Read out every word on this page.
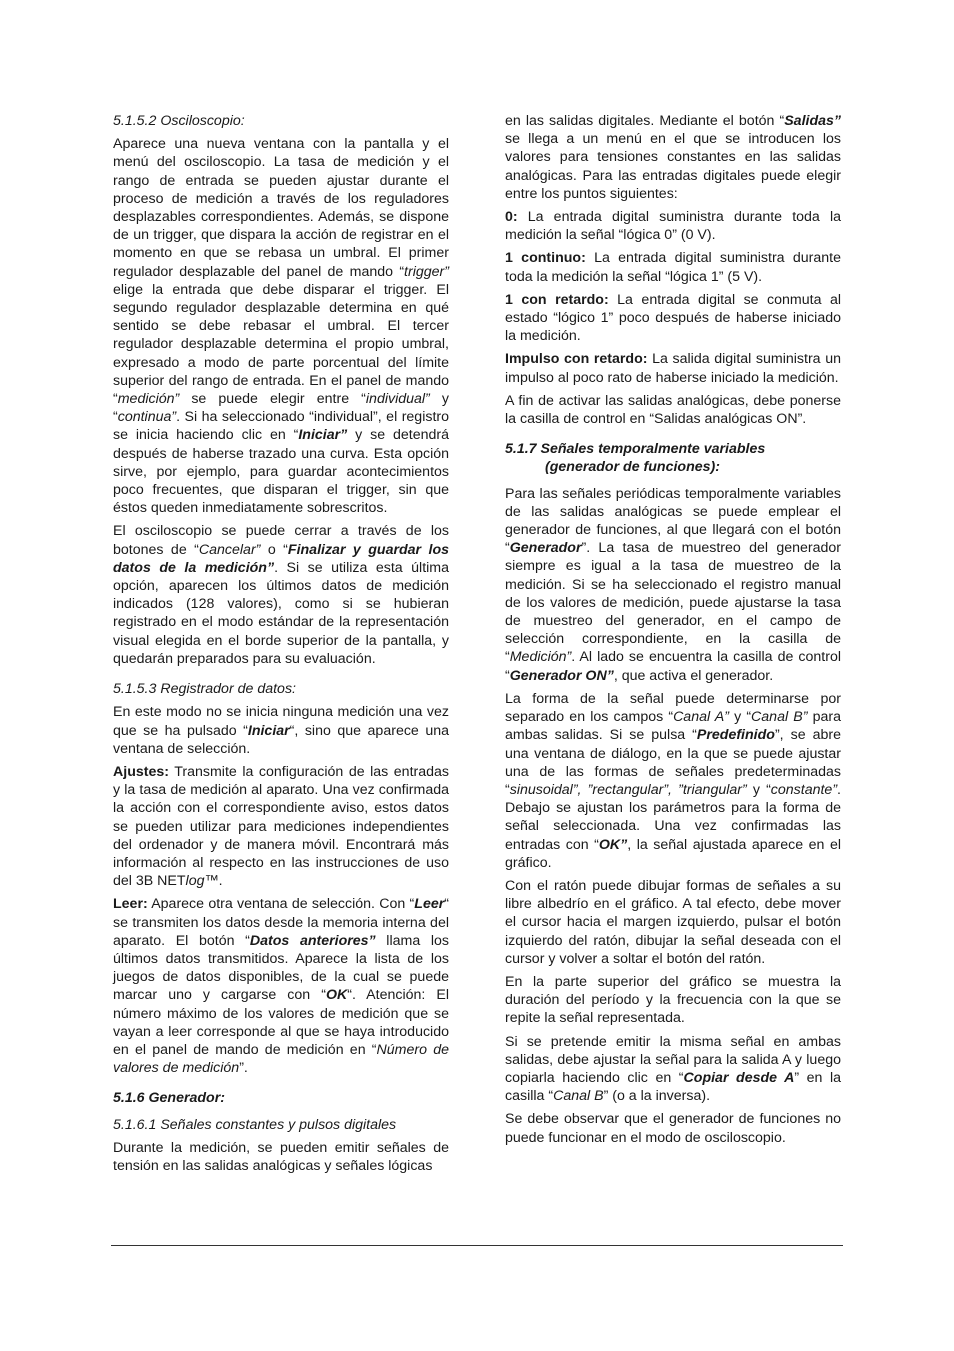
5.1.5.2 Osciloscopio:

Aparece una nueva ventana con la pantalla y el menú del osciloscopio. La tasa de medición y el rango de entrada se pueden ajustar durante el proceso de medición a través de los reguladores desplazables correspondientes. Además, se dispone de un trigger, que dispara la acción de registrar en el momento en que se rebasa un umbral. El primer regulador desplazable del panel de mando “trigger” elige la entrada que debe disparar el trigger. El segundo regulador desplazable determina en qué sentido se debe rebasar el umbral. El tercer regulador desplazable determina el propio umbral, expresado a modo de parte porcentual del límite superior del rango de entrada. En el panel de mando “medición” se puede elegir entre “individual” y “continua”. Si ha seleccionado “individual”, el registro se inicia haciendo clic en “Iniciar” y se detendrá después de haberse trazado una curva. Esta opción sirve, por ejemplo, para guardar acontecimientos poco frecuentes, que disparan el trigger, sin que éstos queden inmediatamente sobrescritos.

El osciloscopio se puede cerrar a través de los botones de “Cancelar” o “Finalizar y guardar los datos de la medición”. Si se utiliza esta última opción, aparecen los últimos datos de medición indicados (128 valores), como si se hubieran registrado en el modo estándar de la representación visual elegida en el borde superior de la pantalla, y quedarán preparados para su evaluación.

5.1.5.3 Registrador de datos:

En este modo no se inicia ninguna medición una vez que se ha pulsado “Iniciar“, sino que aparece una ventana de selección.

Ajustes: Transmite la configuración de las entradas y la tasa de medición al aparato. Una vez confirmada la acción con el correspondiente aviso, estos datos se pueden utilizar para mediciones independientes del ordenador y de manera móvil. Encontrará más información al respecto en las instrucciones de uso del 3B NETlog™.

Leer: Aparece otra ventana de selección. Con “Leer“ se transmiten los datos desde la memoria interna del aparato. El botón “Datos anteriores” llama los últimos datos transmitidos. Aparece la lista de los juegos de datos disponibles, de la cual se puede marcar uno y cargarse con “OK“. Atención: El número máximo de los valores de medición que se vayan a leer corresponde al que se haya introducido en el panel de mando de medición en “Número de valores de medición”.

5.1.6 Generador:

5.1.6.1 Señales constantes y pulsos digitales

Durante la medición, se pueden emitir señales de tensión en las salidas analógicas y señales lógicas

en las salidas digitales. Mediante el botón “Salidas” se llega a un menú en el que se introducen los valores para tensiones constantes en las salidas analógicas. Para las entradas digitales puede elegir entre los puntos siguientes:

0: La entrada digital suministra durante toda la medición la señal “lógica 0” (0 V).

1 continuo: La entrada digital suministra durante toda la medición la señal “lógica 1” (5 V).

1 con retardo: La entrada digital se conmuta al estado “lógico 1” poco después de haberse iniciado la medición.

Impulso con retardo: La salida digital suministra un impulso al poco rato de haberse iniciado la medición.

A fin de activar las salidas analógicas, debe ponerse la casilla de control en “Salidas analógicas ON”.

5.1.7 Señales temporalmente variables (generador de funciones):

Para las señales periódicas temporalmente variables de las salidas analógicas se puede emplear el generador de funciones, al que llegará con el botón “Generador”. La tasa de muestreo del generador siempre es igual a la tasa de muestreo de la medición. Si se ha seleccionado el registro manual de los valores de medición, puede ajustarse la tasa de muestreo del generador, en el campo de selección correspondiente, en la casilla de “Medición”. Al lado se encuentra la casilla de control “Generador ON”, que activa el generador.

La forma de la señal puede determinarse por separado en los campos “Canal A” y “Canal B” para ambas salidas. Si se pulsa “Predefinido”, se abre una ventana de diálogo, en la que se puede ajustar una de las formas de señales predeterminadas “sinusoidal”, ”rectangular”, ”triangular” y “constante”. Debajo se ajustan los parámetros para la forma de señal seleccionada. Una vez confirmadas las entradas con “OK”, la señal ajustada aparece en el gráfico.

Con el ratón puede dibujar formas de señales a su libre albedrío en el gráfico. A tal efecto, debe mover el cursor hacia el margen izquierdo, pulsar el botón izquierdo del ratón, dibujar la señal deseada con el cursor y volver a soltar el botón del ratón.

En la parte superior del gráfico se muestra la duración del período y la frecuencia con la que se repite la señal representada.

Si se pretende emitir la misma señal en ambas salidas, debe ajustar la señal para la salida A y luego copiarla haciendo clic en “Copiar desde A” en la casilla “Canal B” (o a la inversa).

Se debe observar que el generador de funciones no puede funcionar en el modo de osciloscopio.
